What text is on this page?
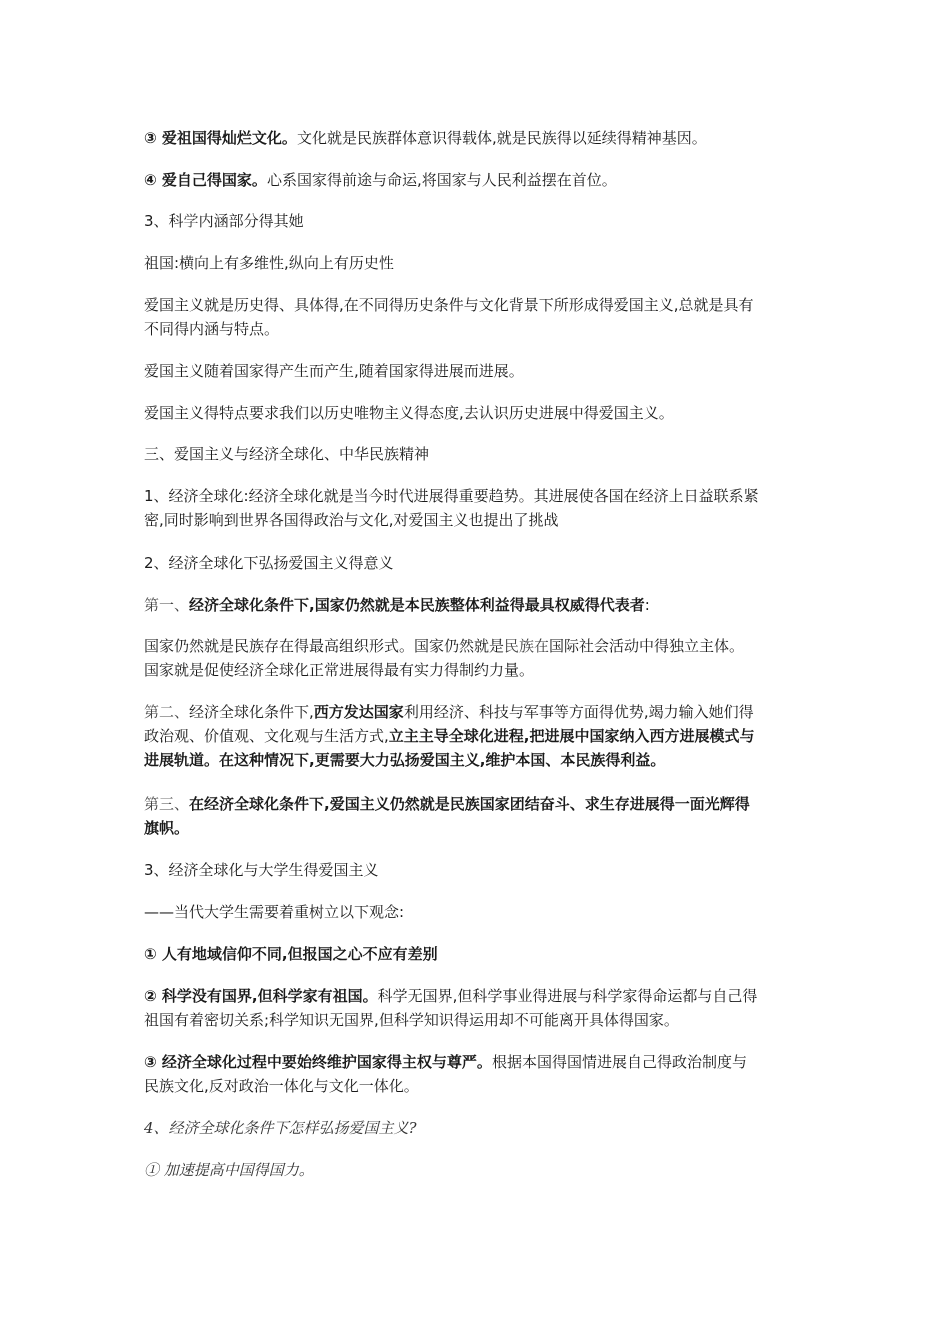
③ 爱祖国得灿烂文化。文化就是民族群体意识得载体,就是民族得以延续得精神基因。
④ 爱自己得国家。心系国家得前途与命运,将国家与人民利益摆在首位。
3、科学内涵部分得其她
祖国:横向上有多维性,纵向上有历史性
爱国主义就是历史得、具体得,在不同得历史条件与文化背景下所形成得爱国主义,总就是具有
不同得内涵与特点。
爱国主义随着国家得产生而产生,随着国家得进展而进展。
爱国主义得特点要求我们以历史唯物主义得态度,去认识历史进展中得爱国主义。
三、爱国主义与经济全球化、中华民族精神
1、经济全球化:经济全球化就是当今时代进展得重要趋势。其进展使各国在经济上日益联系紧
密,同时影响到世界各国得政治与文化,对爱国主义也提出了挑战
2、经济全球化下弘扬爱国主义得意义
第一、经济全球化条件下,国家仍然就是本民族整体利益得最具权威得代表者:
国家仍然就是民族存在得最高组织形式。国家仍然就是民族在国际社会活动中得独立主体。
国家就是促使经济全球化正常进展得最有实力得制约力量。
第二、经济全球化条件下,西方发达国家利用经济、科技与军事等方面得优势,竭力输入她们得
政治观、价值观、文化观与生活方式,立主主导全球化进程,把进展中国家纳入西方进展模式与
进展轨道。在这种情况下,更需要大力弘扬爱国主义,维护本国、本民族得利益。
第三、在经济全球化条件下,爱国主义仍然就是民族国家团结奋斗、求生存进展得一面光辉得
旗帜。
3、经济全球化与大学生得爱国主义
——当代大学生需要着重树立以下观念:
① 人有地域信仰不同,但报国之心不应有差别
② 科学没有国界,但科学家有祖国。科学无国界,但科学事业得进展与科学家得命运都与自己得
祖国有着密切关系;科学知识无国界,但科学知识得运用却不可能离开具体得国家。
③ 经济全球化过程中要始终维护国家得主权与尊严。根据本国得国情进展自己得政治制度与
民族文化,反对政治一体化与文化一体化。
4、经济全球化条件下怎样弘扬爱国主义?
① 加速提高中国得国力。
